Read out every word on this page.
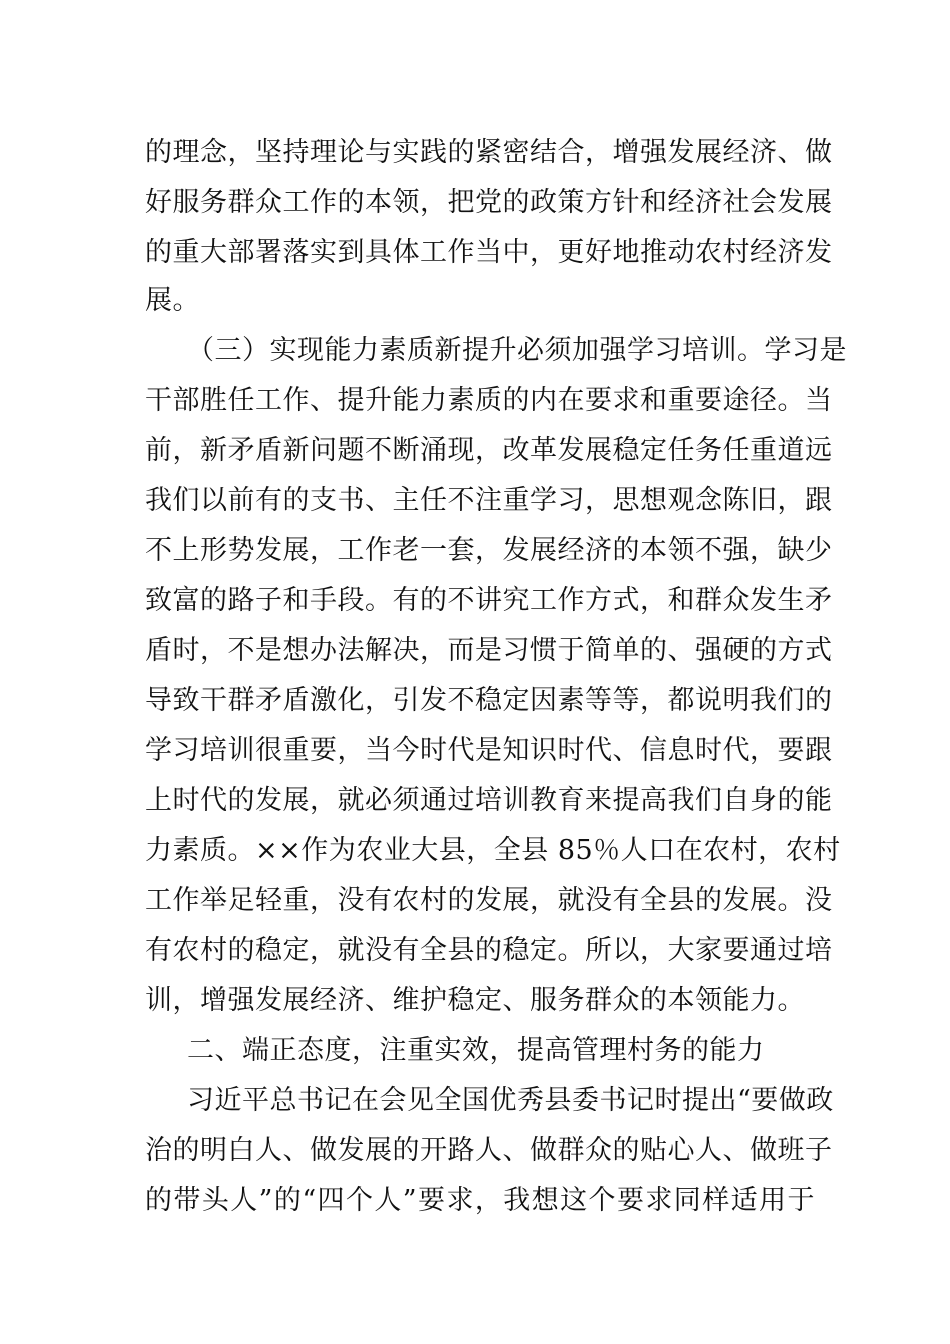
的理念，坚持理论与实践的紧密结合，增强发展经济、做
好服务群众工作的本领，把党的政策方针和经济社会发展
的重大部署落实到具体工作当中，更好地推动农村经济发
展。
（三）实现能力素质新提升必须加强学习培训。学习是
干部胜任工作、提升能力素质的内在要求和重要途径。当
前，新矛盾新问题不断涌现，改革发展稳定任务任重道远
我们以前有的支书、主任不注重学习，思想观念陈旧，跟
不上形势发展，工作老一套，发展经济的本领不强，缺少
致富的路子和手段。有的不讲究工作方式，和群众发生矛
盾时，不是想办法解决，而是习惯于简单的、强硬的方式
导致干群矛盾激化，引发不稳定因素等等，都说明我们的
学习培训很重要，当今时代是知识时代、信息时代，要跟
上时代的发展，就必须通过培训教育来提高我们自身的能
力素质。××作为农业大县，全县 85％人口在农村，农村
工作举足轻重，没有农村的发展，就没有全县的发展。没
有农村的稳定，就没有全县的稳定。所以，大家要通过培
训，增强发展经济、维护稳定、服务群众的本领能力。
二、端正态度，注重实效，提高管理村务的能力
习近平总书记在会见全国优秀县委书记时提出“要做政
治的明白人、做发展的开路人、做群众的贴心人、做班子
的带头人”的“四个人”要求，我想这个要求同样适用于
